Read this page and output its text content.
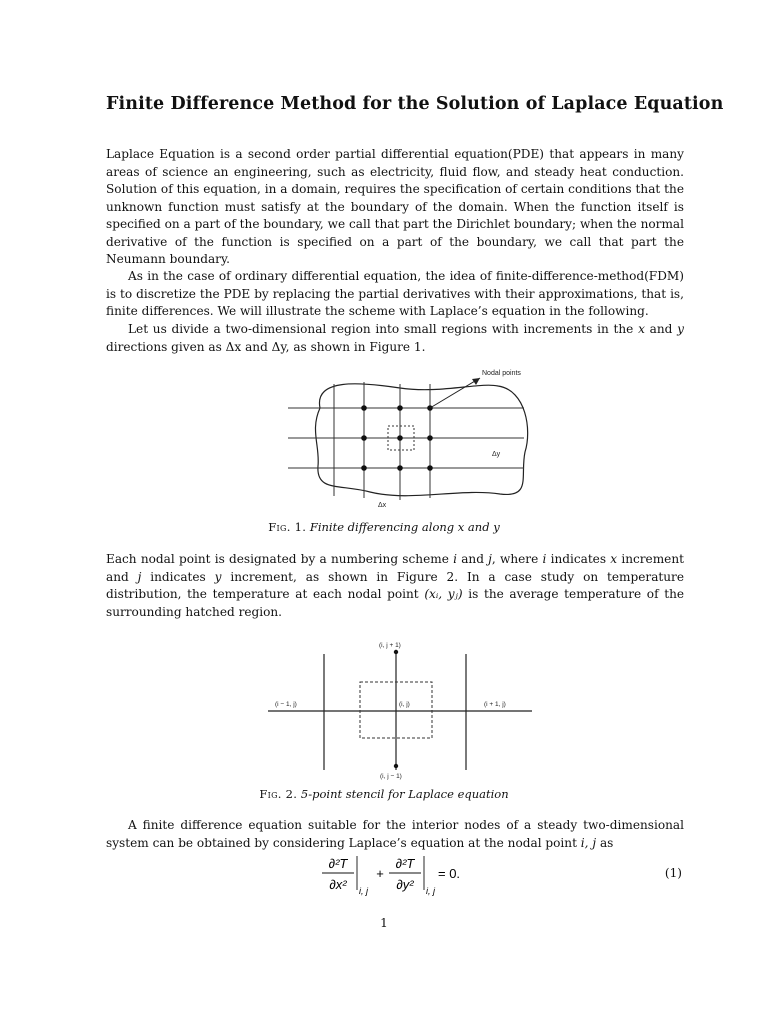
Finite Difference Method for the Solution of Laplace Equation

Laplace Equation is a second order partial differential equation(PDE) that appears in many areas of science an engineering, such as electricity, fluid flow, and steady heat conduction. Solution of this equation, in a domain, requires the specification of certain conditions that the unknown function must satisfy at the boundary of the domain. When the function itself is specified on a part of the boundary, we call that part the Dirichlet boundary; when the normal derivative of the function is specified on a part of the boundary, we call that part the Neumann boundary.

As in the case of ordinary differential equation, the idea of finite-difference-method(FDM) is to discretize the PDE by replacing the partial derivatives with their approximations, that is, finite differences. We will illustrate the scheme with Laplace’s equation in the following.

Let us divide a two-dimensional region into small regions with increments in the x and y directions given as Δx and Δy, as shown in Figure 1.

Nodal points
Δy
Δx

Fig. 1. Finite differencing along x and y

Each nodal point is designated by a numbering scheme i and j, where i indicates x increment and j indicates y increment, as shown in Figure 2. In a case study on temperature distribution, the temperature at each nodal point (xᵢ, yⱼ) is the average temperature of the surrounding hatched region.

(i, j + 1)
(i − 1, j)	(i, j)	(i + 1, j)
(i, j − 1)

Fig. 2. 5-point stencil for Laplace equation

A finite difference equation suitable for the interior nodes of a steady two-dimensional system can be obtained by considering Laplace’s equation at the nodal point i, j as

∂²T
∂x² i, j
+
∂²T
∂y² i, j
= 0.	(1)
1
